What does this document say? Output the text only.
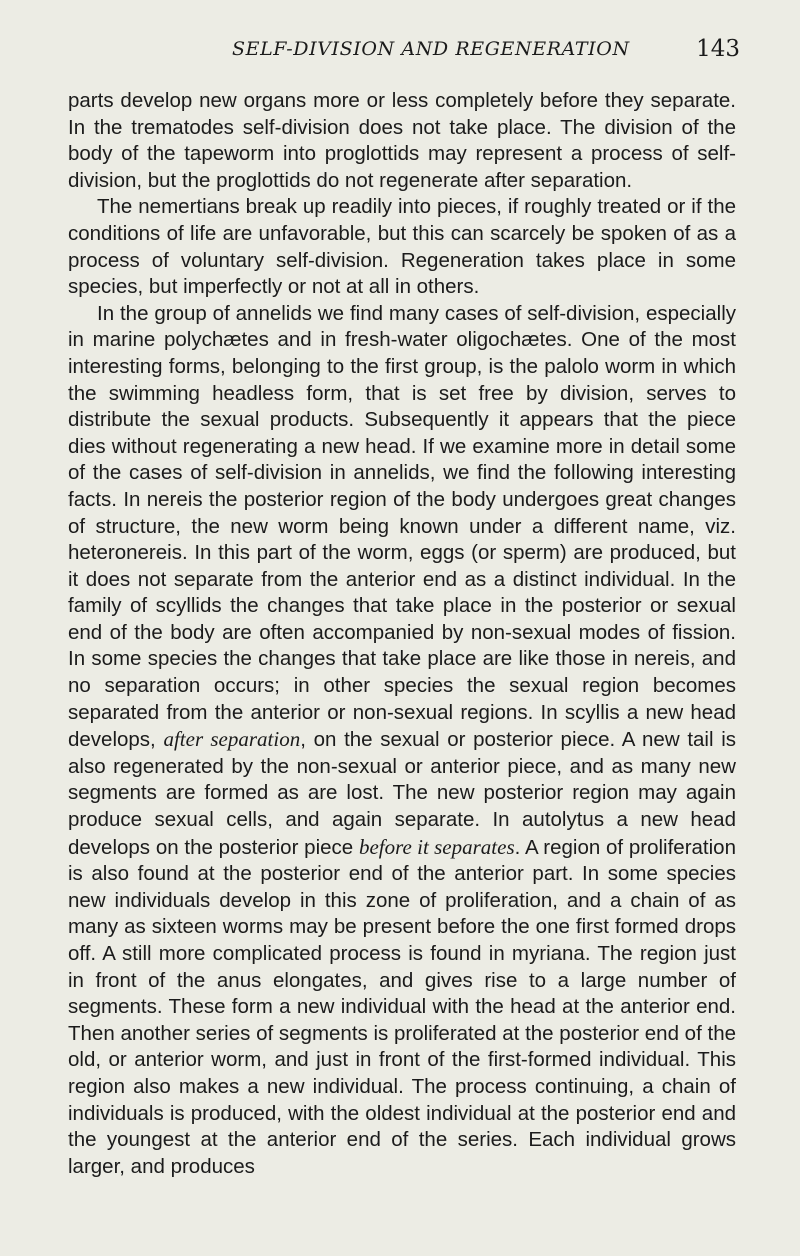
SELF-DIVISION AND REGENERATION	143

parts develop new organs more or less completely before they separate. In the trematodes self-division does not take place. The division of the body of the tapeworm into proglottids may represent a process of self-division, but the proglottids do not regenerate after separation.

The nemertians break up readily into pieces, if roughly treated or if the conditions of life are unfavorable, but this can scarcely be spoken of as a process of voluntary self-division. Regeneration takes place in some species, but imperfectly or not at all in others.

In the group of annelids we find many cases of self-division, especially in marine polychætes and in fresh-water oligochætes. One of the most interesting forms, belonging to the first group, is the palolo worm in which the swimming headless form, that is set free by division, serves to distribute the sexual products. Subsequently it appears that the piece dies without regenerating a new head. If we examine more in detail some of the cases of self-division in annelids, we find the following interesting facts. In nereis the posterior region of the body undergoes great changes of structure, the new worm being known under a different name, viz. heteronereis. In this part of the worm, eggs (or sperm) are produced, but it does not separate from the anterior end as a distinct individual. In the family of scyllids the changes that take place in the posterior or sexual end of the body are often accompanied by non-sexual modes of fission. In some species the changes that take place are like those in nereis, and no separation occurs; in other species the sexual region becomes separated from the anterior or non-sexual regions. In scyllis a new head develops, after separation, on the sexual or posterior piece. A new tail is also regenerated by the non-sexual or anterior piece, and as many new segments are formed as are lost. The new posterior region may again produce sexual cells, and again separate. In autolytus a new head develops on the posterior piece before it separates. A region of proliferation is also found at the posterior end of the anterior part. In some species new individuals develop in this zone of proliferation, and a chain of as many as sixteen worms may be present before the one first formed drops off. A still more complicated process is found in myriana. The region just in front of the anus elongates, and gives rise to a large number of segments. These form a new individual with the head at the anterior end. Then another series of segments is proliferated at the posterior end of the old, or anterior worm, and just in front of the first-formed individual. This region also makes a new individual. The process continuing, a chain of individuals is produced, with the oldest individual at the posterior end and the youngest at the anterior end of the series. Each individual grows larger, and produces
